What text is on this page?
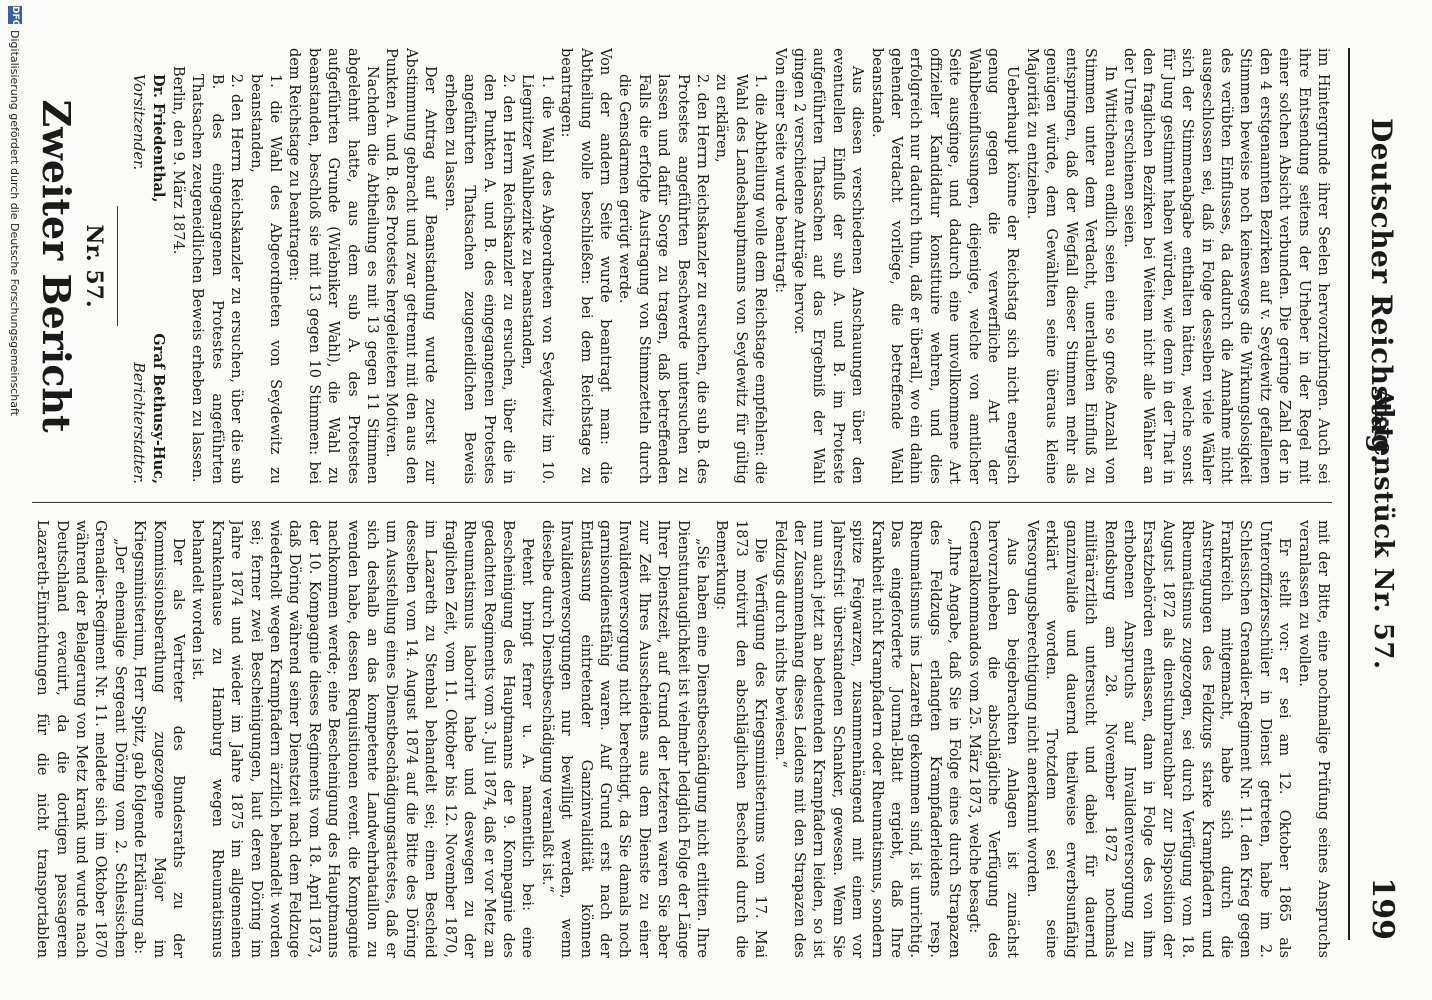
Deutscher Reichstag.
Aktenstück Nr. 57.
199

im Hintergrunde ihrer Seelen hervorzubringen. Auch sei ihre Entsendung seitens der Urheber in der Regel mit einer solchen Absicht verbunden. Die geringe Zahl der in den 4 erstgenannten Bezirken auf v. Seydewitz gefallenen Stimmen beweise noch keineswegs die Wirkungslosigkeit des verübten Einflusses, da dadurch die Annahme nicht ausgeschlossen sei, daß in Folge desselben viele Wähler sich der Stimmenabgabe enthalten hätten, welche sonst für Jung gestimmt haben würden, wie denn in der That in den fraglichen Bezirken bei Weitem nicht alle Wähler an der Urne erschienen seien.

In Wittichenau endlich seien eine so große Anzahl von Stimmen unter dem Verdacht, unerlaubten Einfluß zu entspringen, daß der Wegfall dieser Stimmen mehr als genügen würde, dem Gewählten seine überaus kleine Majorität zu entziehen.

Ueberhaupt könne der Reichstag sich nicht energisch genug gegen die verwerfliche Art der Wahlbeeinflussungen, diejenige, welche von amtlicher Seite ausginge, und dadurch eine unvollkommene Art offizieller Kandidatur konstituire wehren, und dies erfolgreich nur dadurch thun, daß er überall, wo ein dahin gehender Verdacht vorliege, die betreffende Wahl beanstande.

Aus diesen verschiedenen Anschauungen über den eventuellen Einfluß der sub A. und B. im Proteste aufgeführten Thatsachen auf das Ergebniß der Wahl gingen 2 verschiedene Anträge hervor.

Von einer Seite wurde beantragt:

1. die Abtheilung wolle dem Reichstage empfehlen: die Wahl des Landeshauptmanns von Seydewitz für gültig zu erklären,

2. den Herrn Reichskanzler zu ersuchen, die sub B. des Protestes angeführten Beschwerde untersuchen zu lassen und dafür Sorge zu tragen, daß betreffenden Falls die erfolgte Austragung von Stimmzetteln durch die Gensdarmen gerügt werde.

Von der andern Seite wurde beantragt man: die Abtheilung wolle beschließen: bei dem Reichstage zu beantragen:

1. die Wahl des Abgeordneten von Seydewitz im 10. Liegnitzer Wahlbezirke zu beanstanden,

2. den Herrn Reichskanzler zu ersuchen, über die in den Punkten A. und B. des eingegangenen Protestes angeführten Thatsachen zeugeneidlichen Beweis erheben zu lassen.

Der Antrag auf Beanstandung wurde zuerst zur Abstimmung gebracht und zwar getrennt mit den aus den Punkten A. und B. des Protestes hergeleiteten Motiven.

Nachdem die Abtheilung es mit 13 gegen 11 Stimmen abgelehnt hatte, aus dem sub A. des Protestes aufgeführten Grunde (Wiebniker Wahl), die Wahl zu beanstanden, beschloß sie mit 13 gegen 10 Stimmen: bei dem Reichstage zu beantragen:

1. die Wahl des Abgeordneten von Seydewitz zu beanstanden,

2. den Herrn Reichskanzler zu ersuchen, über die sub B. des eingegangenen Protestes angeführten Thatsachen zeugeneidlichen Beweis erheben zu lassen.

Berlin, den 9. März 1874.

Dr. Friedenthal,
Graf Bethusy-Huc,
Vorsitzender.
Berichterstatter.
Nr. 57.
Zweiter Bericht

mit der Bitte, eine nochmalige Prüfung seines Anspruchs veranlassen zu wollen.

Er stellt vor: er sei am 12. Oktober 1865 als Unteroffiziersschüler in Dienst getreten, habe im 2. Schlesischen Grenadier-Regiment Nr. 11. den Krieg gegen Frankreich mitgemacht, habe sich durch die Anstrengungen des Feldzugs starke Krampfadern und Rheumatismus zugezogen, sei durch Verfügung vom 18. August 1872 als dienstunbrauchbar zur Disposition der Ersatzbehörden entlassen, dann in Folge des von ihm erhobenen Anspruchs auf Invalidenversorgung zu Rendsburg am 28. November 1872 nochmals militärärztlich untersucht und dabei für dauernd ganzinvalide und dauernd theilweise erwerbsunfähig erklärt worden. Trotzdem sei seine Versorgungsberechtigung nicht anerkannt worden.

Aus den beigebrachten Anlagen ist zunächst hervorzuheben die abschlägliche Verfügung des Generalkommandos vom 25. März 1873, welche besagt:

„Ihre Angabe, daß Sie in Folge eines durch Strapazen des Feldzugs erlangten Krampfaderleidens resp. Rheumatismus ins Lazareth gekommen sind, ist unrichtig. Das eingeforderte Journal-Blatt ergiebt, daß Ihre Krankheit nicht Krampfadern oder Rheumatismus, sondern spitze Feigwarzen, zusammenhängend mit einem vor Jahresfrist überstandenen Schanker, gewesen. Wenn Sie nun auch jetzt an bedeutenden Krampfadern leiden, so ist der Zusammenhang dieses Leidens mit den Strapazen des Feldzugs durch nichts bewiesen.“

Die Verfügung des Kriegsministeriums vom 17. Mai 1873 motivirt den abschläglichen Bescheid durch die Bemerkung:

„Sie haben eine Dienstbeschädigung nicht erlitten. Ihre Dienstuntauglichkeit ist vielmehr lediglich Folge der Länge Ihrer Dienstzeit, auf Grund der letzteren waren Sie aber zur Zeit Ihres Ausscheidens aus dem Dienste zu einer Invalidenversorgung nicht berechtigt, da Sie damals noch garnisondienstfähig waren. Auf Grund erst nach der Entlassung eintretender Ganzinvalidität können Invalidenversorgungen nur bewilligt werden, wenn dieselbe durch Dienstbeschädigung veranlaßt ist.“

Petent bringt ferner u. A. namentlich bei: eine Bescheinigung des Hauptmanns der 9. Kompagnie des gedachten Regiments vom 3. Juli 1874, daß er vor Metz an Rheumatismus laborirt habe und deswegen zu der fraglichen Zeit, vom 11. Oktober bis 12. November 1870, im Lazareth zu Stenbal behandelt sei; einen Bescheid desselben vom 14. August 1874 auf die Bitte des Döring um Ausstellung eines Dienstbeschädigungsattestes, daß er sich deshalb an das kompetente Landwehrbataillon zu wenden habe, dessen Requisitionen event. die Kompagnie nachkommen werde; eine Bescheinigung des Hauptmanns der 10. Kompagnie dieses Regiments vom 18. April 1873, daß Döring während seiner Dienstzeit nach dem Feldzuge wiederholt wegen Krampfadern ärztlich behandelt worden sei; ferner zwei Bescheinigungen, laut deren Döring im Jahre 1874 und wieder im Jahre 1875 im allgemeinen Krankenhause zu Hamburg wegen Rheumatismus behandelt worden ist.

Der als Vertreter des Bundesraths zu der Kommissionsberathung zugezogene Major im Kriegsministerium, Herr Spitz, gab folgende Erklärung ab:

„Der ehemalige Sergeant Döring vom 2. Schlesischen Grenadier-Regiment Nr. 11. meldete sich im Oktober 1870 während der Belagerung von Metz krank und wurde nach Deutschland evacuirt, da die dortigen passageren Lazareth-Einrichtungen für die nicht transportablen

DFG
Digitalisierung gefördert durch die Deutsche Forschungsgemeinschaft
